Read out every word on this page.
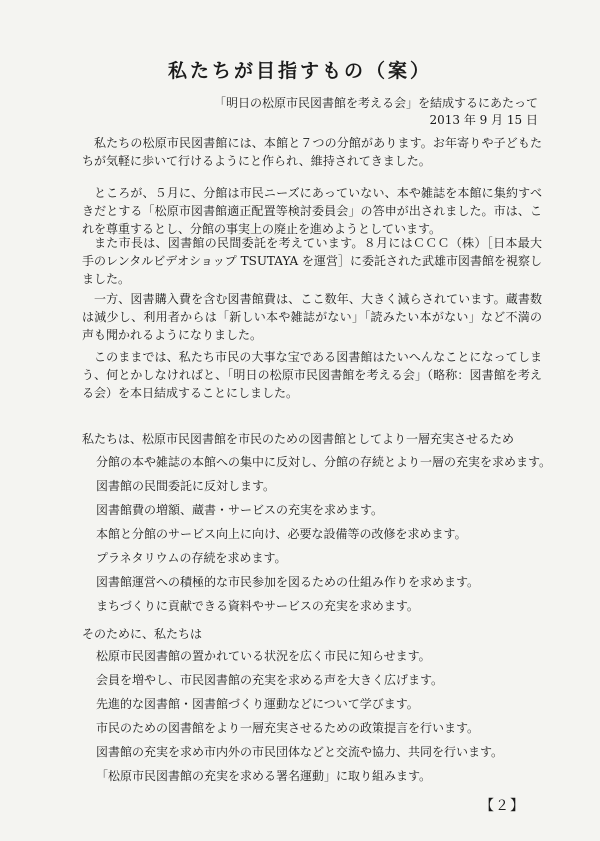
私たちが目指すもの（案）

「明日の松原市民図書館を考える会」を結成するにあたって

2013 年 9 月 15 日

私たちの松原市民図書館には、本館と７つの分館があります。お年寄りや子どもたちが気軽に歩いて行けるようにと作られ、維持されてきました。

ところが、５月に、分館は市民ニーズにあっていない、本や雑誌を本館に集約すべきだとする「松原市図書館適正配置等検討委員会」の答申が出されました。市は、これを尊重するとし、分館の事実上の廃止を進めようとしています。

また市長は、図書館の民間委託を考えています。８月にはＣＣＣ（株）［日本最大手のレンタルビデオショップ TSUTAYA を運営］に委託された武雄市図書館を視察しました。

一方、図書購入費を含む図書館費は、ここ数年、大きく減らされています。蔵書数は減少し、利用者からは「新しい本や雑誌がない」「読みたい本がない」など不満の声も聞かれるようになりました。

このままでは、私たち市民の大事な宝である図書館はたいへんなことになってしまう、何とかしなければと、「明日の松原市民図書館を考える会」（略称：図書館を考える会）を本日結成することにしました。

私たちは、松原市民図書館を市民のための図書館としてより一層充実させるため

分館の本や雑誌の本館への集中に反対し、分館の存続とより一層の充実を求めます。
図書館の民間委託に反対します。
図書館費の増額、蔵書・サービスの充実を求めます。
本館と分館のサービス向上に向け、必要な設備等の改修を求めます。
プラネタリウムの存続を求めます。
図書館運営への積極的な市民参加を図るための仕組み作りを求めます。
まちづくりに貢献できる資料やサービスの充実を求めます。

そのために、私たちは

松原市民図書館の置かれている状況を広く市民に知らせます。
会員を増やし、市民図書館の充実を求める声を大きく広げます。
先進的な図書館・図書館づくり運動などについて学びます。
市民のための図書館をより一層充実させるための政策提言を行います。
図書館の充実を求め市内外の市民団体などと交流や協力、共同を行います。
「松原市民図書館の充実を求める署名運動」に取り組みます。

【２】
